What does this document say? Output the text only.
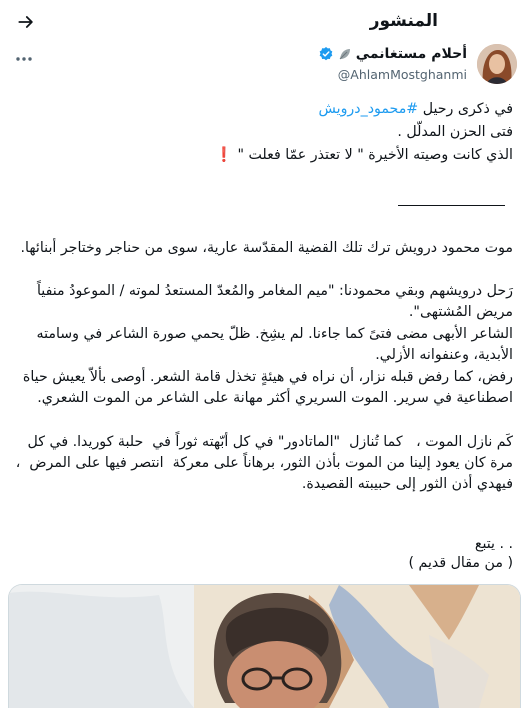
المنشور
أحلام مستغانمي
@AhlamMostghanmi
في ذكرى رحيل #محمود_درويش
فتى الحزن المدلّل .
الذي كانت وصيته الأخيرة " لا تعتذر عمّا فعلت " ❗
موت محمود درويش ترك تلك القضية المقدّسة عارية، سوى من حناجر وختاجر أبنائها.
رَحل درويشهم وبقي محمودنا: "ميم المغامر والمُعدّ المستعدُ لموته / الموعودُ منفياً مريض المُشتهى".
الشاعر الأبهى مضى فتىً كما جاءنا. لم يشِخ. ظلّ يحمي صورة الشاعر في وسامته الأبدية، وعنفوانه الأزلي.
رفض، كما رفض قبله نزار، أن نراه في هيئةٍ تخذل قامة الشعر. أوصى بألاّ يعيش حياة اصطناعية في سرير. الموت السريري أكثر مهانة على الشاعر من الموت الشعري.
كَم نازل الموت ،   كما تُنازل  "الماتادور" في كل أبّهته ثوراً في  حلبة كوريدا. في كل مرة كان يعود إلينا من الموت بأذن الثور، برهاناً على معركة  انتصر فيها على المرض  ،  فيهدي أذن الثور إلى حبيبته القصيدة.
. . يتبع
( من مقال قديم )
